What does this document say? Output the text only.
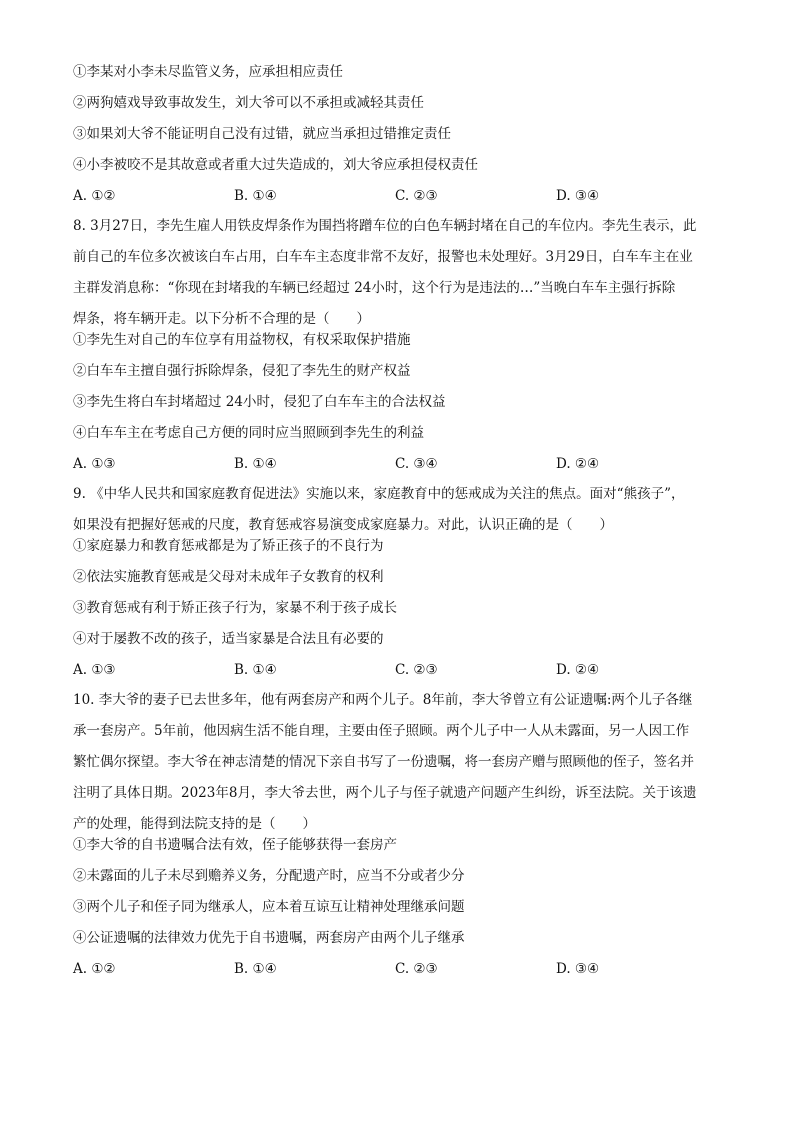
①李某对小李未尽监管义务，应承担相应责任
②两狗嬉戏导致事故发生，刘大爷可以不承担或减轻其责任
③如果刘大爷不能证明自己没有过错，就应当承担过错推定责任
④小李被咬不是其故意或者重大过失造成的，刘大爷应承担侵权责任
A. ①②	B. ①④	C. ②③	D. ③④
8. 3月27日，李先生雇人用铁皮焊条作为围挡将蹭车位的白色车辆封堵在自己的车位内。李先生表示，此
前自己的车位多次被该白车占用，白车车主态度非常不友好，报警也未处理好。3月29日，白车车主在业
主群发消息称：“你现在封堵我的车辆已经超过 24小时，这个行为是违法的…”当晚白车车主强行拆除
焊条，将车辆开走。以下分析不合理的是（　　）
①李先生对自己的车位享有用益物权，有权采取保护措施
②白车车主擅自强行拆除焊条，侵犯了李先生的财产权益
③李先生将白车封堵超过 24小时，侵犯了白车车主的合法权益
④白车车主在考虑自己方便的同时应当照顾到李先生的利益
A. ①③	B. ①④	C. ③④	D. ②④
9. 《中华人民共和国家庭教育促进法》实施以来，家庭教育中的惩戒成为关注的焦点。面对“熊孩子”，
如果没有把握好惩戒的尺度，教育惩戒容易演变成家庭暴力。对此，认识正确的是（　　）
①家庭暴力和教育惩戒都是为了矫正孩子的不良行为
②依法实施教育惩戒是父母对未成年子女教育的权利
③教育惩戒有利于矫正孩子行为，家暴不利于孩子成长
④对于屡教不改的孩子，适当家暴是合法且有必要的
A. ①③	B. ①④	C. ②③	D. ②④
10. 李大爷的妻子已去世多年，他有两套房产和两个儿子。8年前，李大爷曾立有公证遗嘱:两个儿子各继
承一套房产。5年前，他因病生活不能自理，主要由侄子照顾。两个儿子中一人从未露面，另一人因工作
繁忙偶尔探望。李大爷在神志清楚的情况下亲自书写了一份遗嘱，将一套房产赠与照顾他的侄子，签名并
注明了具体日期。2023年8月，李大爷去世，两个儿子与侄子就遗产问题产生纠纷，诉至法院。关于该遗
产的处理，能得到法院支持的是（　　）
①李大爷的自书遗嘱合法有效，侄子能够获得一套房产
②未露面的儿子未尽到赡养义务，分配遗产时，应当不分或者少分
③两个儿子和侄子同为继承人，应本着互谅互让精神处理继承问题
④公证遗嘱的法律效力优先于自书遗嘱，两套房产由两个儿子继承
A. ①②	B. ①④	C. ②③	D. ③④
